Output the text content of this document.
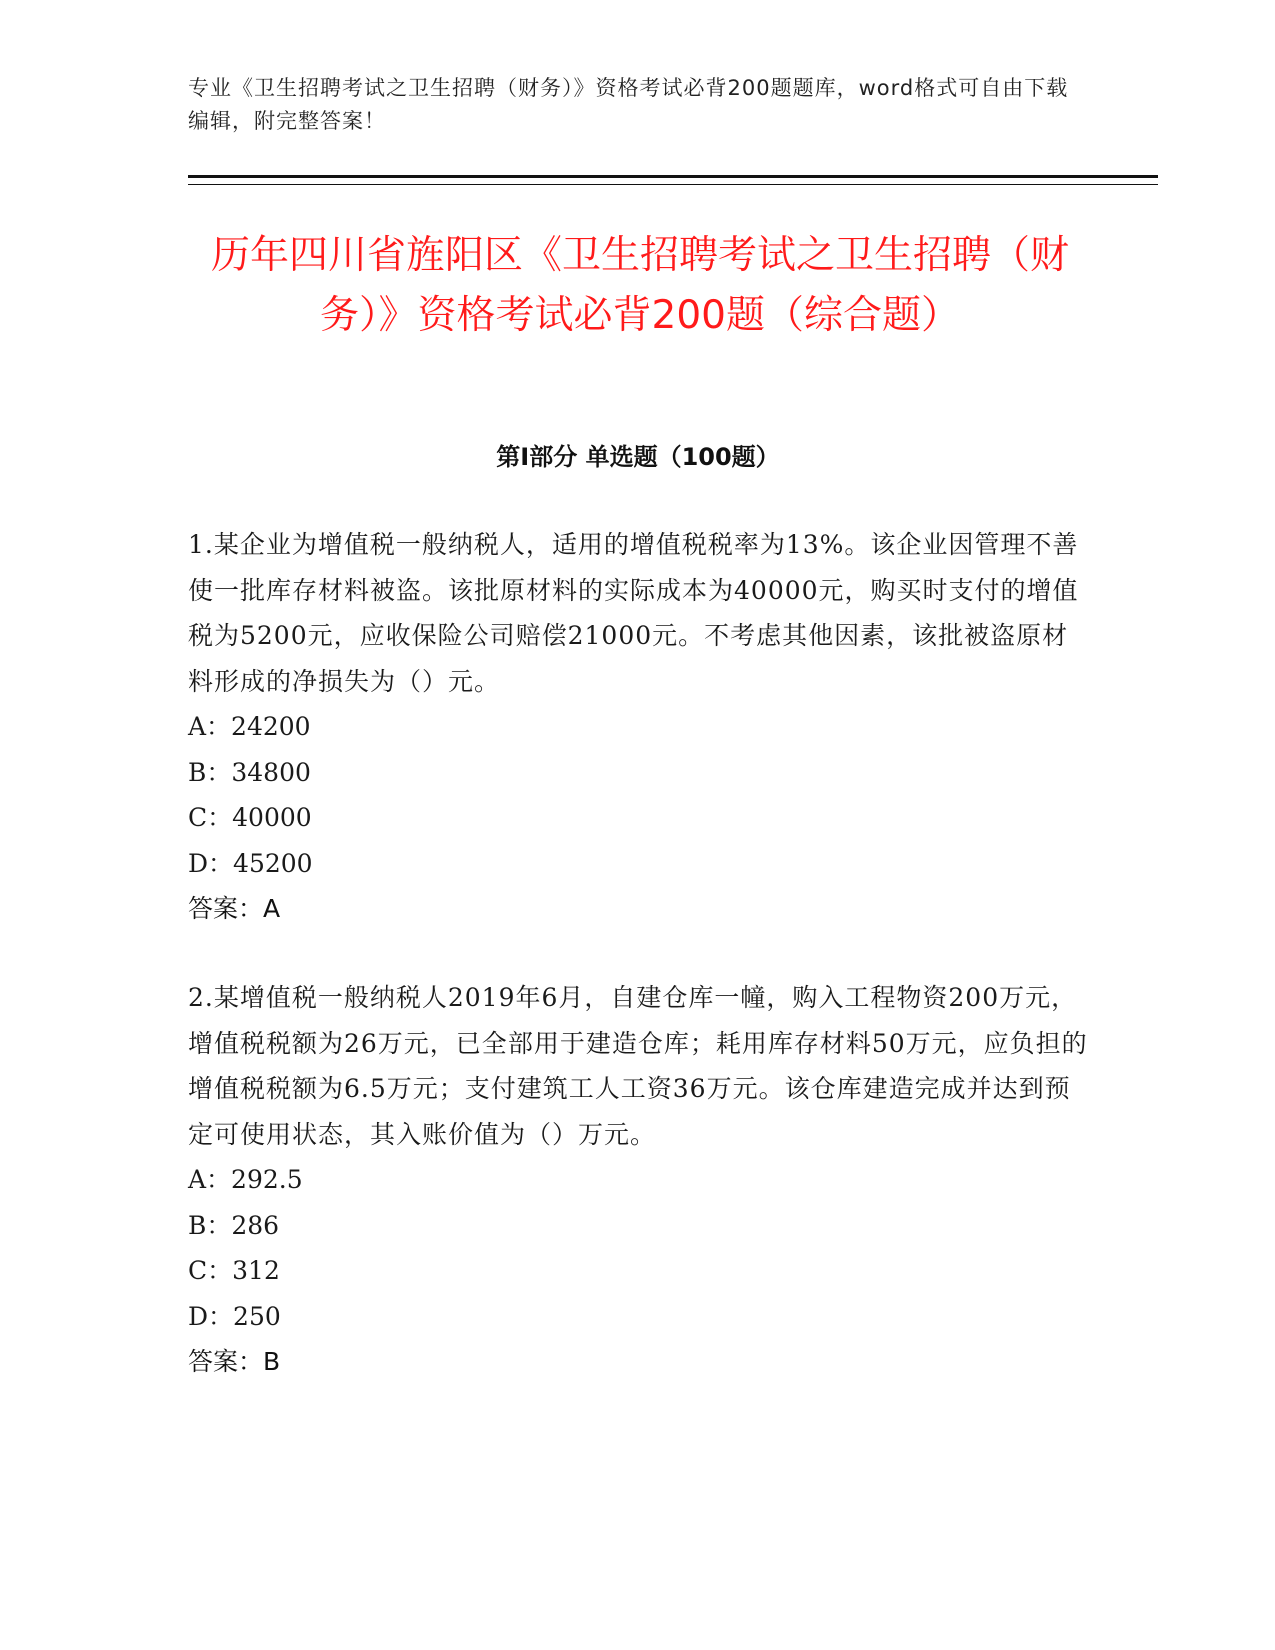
专业《卫生招聘考试之卫生招聘（财务）》资格考试必背200题题库，word格式可自由下载编辑，附完整答案！
历年四川省旌阳区《卫生招聘考试之卫生招聘（财务）》资格考试必背200题（综合题）
第I部分 单选题（100题）

1.某企业为增值税一般纳税人，适用的增值税税率为13%。该企业因管理不善使一批库存材料被盗。该批原材料的实际成本为40000元，购买时支付的增值税为5200元，应收保险公司赔偿21000元。不考虑其他因素，该批被盗原材料形成的净损失为（）元。

A：24200

B：34800

C：40000

D：45200

答案：A

2.某增值税一般纳税人2019年6月，自建仓库一幢，购入工程物资200万元，增值税税额为26万元，已全部用于建造仓库；耗用库存材料50万元，应负担的增值税税额为6.5万元；支付建筑工人工资36万元。该仓库建造完成并达到预定可使用状态，其入账价值为（）万元。

A：292.5

B：286

C：312

D：250

答案：B
